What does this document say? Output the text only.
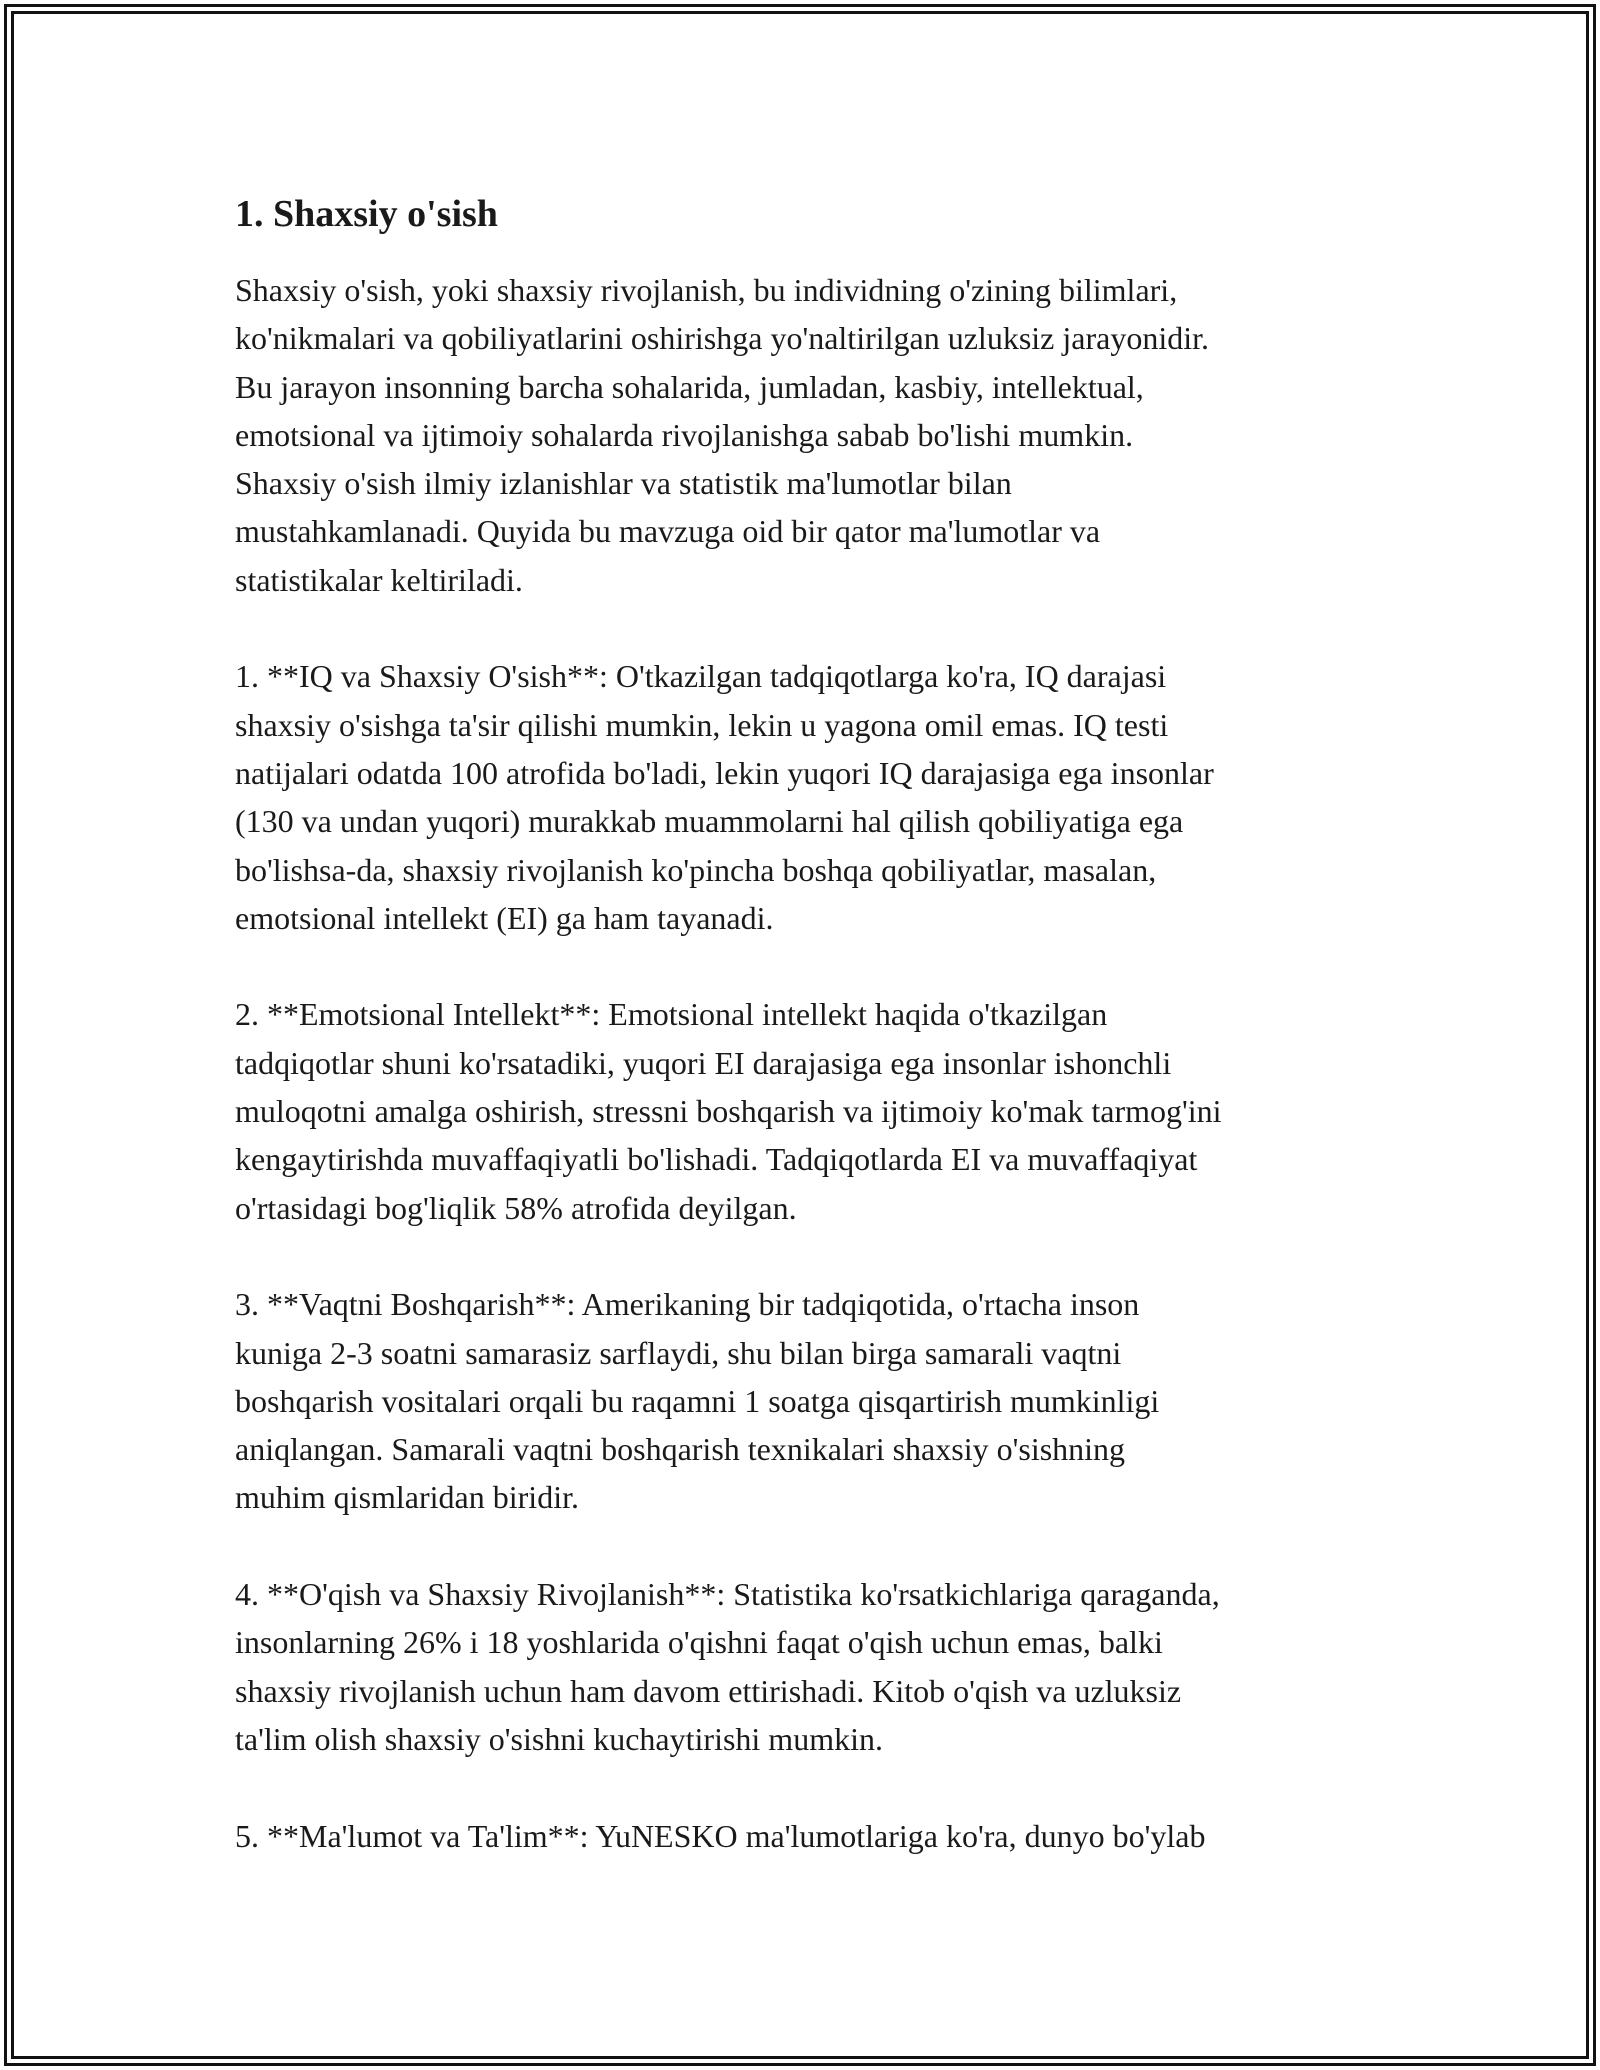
1. Shaxsiy o'sish

Shaxsiy o'sish, yoki shaxsiy rivojlanish, bu individning o'zining bilimlari,
ko'nikmalari va qobiliyatlarini oshirishga yo'naltirilgan uzluksiz jarayonidir.
Bu jarayon insonning barcha sohalarida, jumladan, kasbiy, intellektual,
emotsional va ijtimoiy sohalarda rivojlanishga sabab bo'lishi mumkin.
Shaxsiy o'sish ilmiy izlanishlar va statistik ma'lumotlar bilan
mustahkamlanadi. Quyida bu mavzuga oid bir qator ma'lumotlar va
statistikalar keltiriladi.

1. **IQ va Shaxsiy O'sish**: O'tkazilgan tadqiqotlarga ko'ra, IQ darajasi
shaxsiy o'sishga ta'sir qilishi mumkin, lekin u yagona omil emas. IQ testi
natijalari odatda 100 atrofida bo'ladi, lekin yuqori IQ darajasiga ega insonlar
(130 va undan yuqori) murakkab muammolarni hal qilish qobiliyatiga ega
bo'lishsa-da, shaxsiy rivojlanish ko'pincha boshqa qobiliyatlar, masalan,
emotsional intellekt (EI) ga ham tayanadi.

2. **Emotsional Intellekt**: Emotsional intellekt haqida o'tkazilgan
tadqiqotlar shuni ko'rsatadiki, yuqori EI darajasiga ega insonlar ishonchli
muloqotni amalga oshirish, stressni boshqarish va ijtimoiy ko'mak tarmog'ini
kengaytirishda muvaffaqiyatli bo'lishadi. Tadqiqotlarda EI va muvaffaqiyat
o'rtasidagi bog'liqlik 58% atrofida deyilgan.

3. **Vaqtni Boshqarish**: Amerikaning bir tadqiqotida, o'rtacha inson
kuniga 2-3 soatni samarasiz sarflaydi, shu bilan birga samarali vaqtni
boshqarish vositalari orqali bu raqamni 1 soatga qisqartirish mumkinligi
aniqlangan. Samarali vaqtni boshqarish texnikalari shaxsiy o'sishning
muhim qismlaridan biridir.

4. **O'qish va Shaxsiy Rivojlanish**: Statistika ko'rsatkichlariga qaraganda,
insonlarning 26% i 18 yoshlarida o'qishni faqat o'qish uchun emas, balki
shaxsiy rivojlanish uchun ham davom ettirishadi. Kitob o'qish va uzluksiz
ta'lim olish shaxsiy o'sishni kuchaytirishi mumkin.

5. **Ma'lumot va Ta'lim**: YuNESKO ma'lumotlariga ko'ra, dunyo bo'ylab
